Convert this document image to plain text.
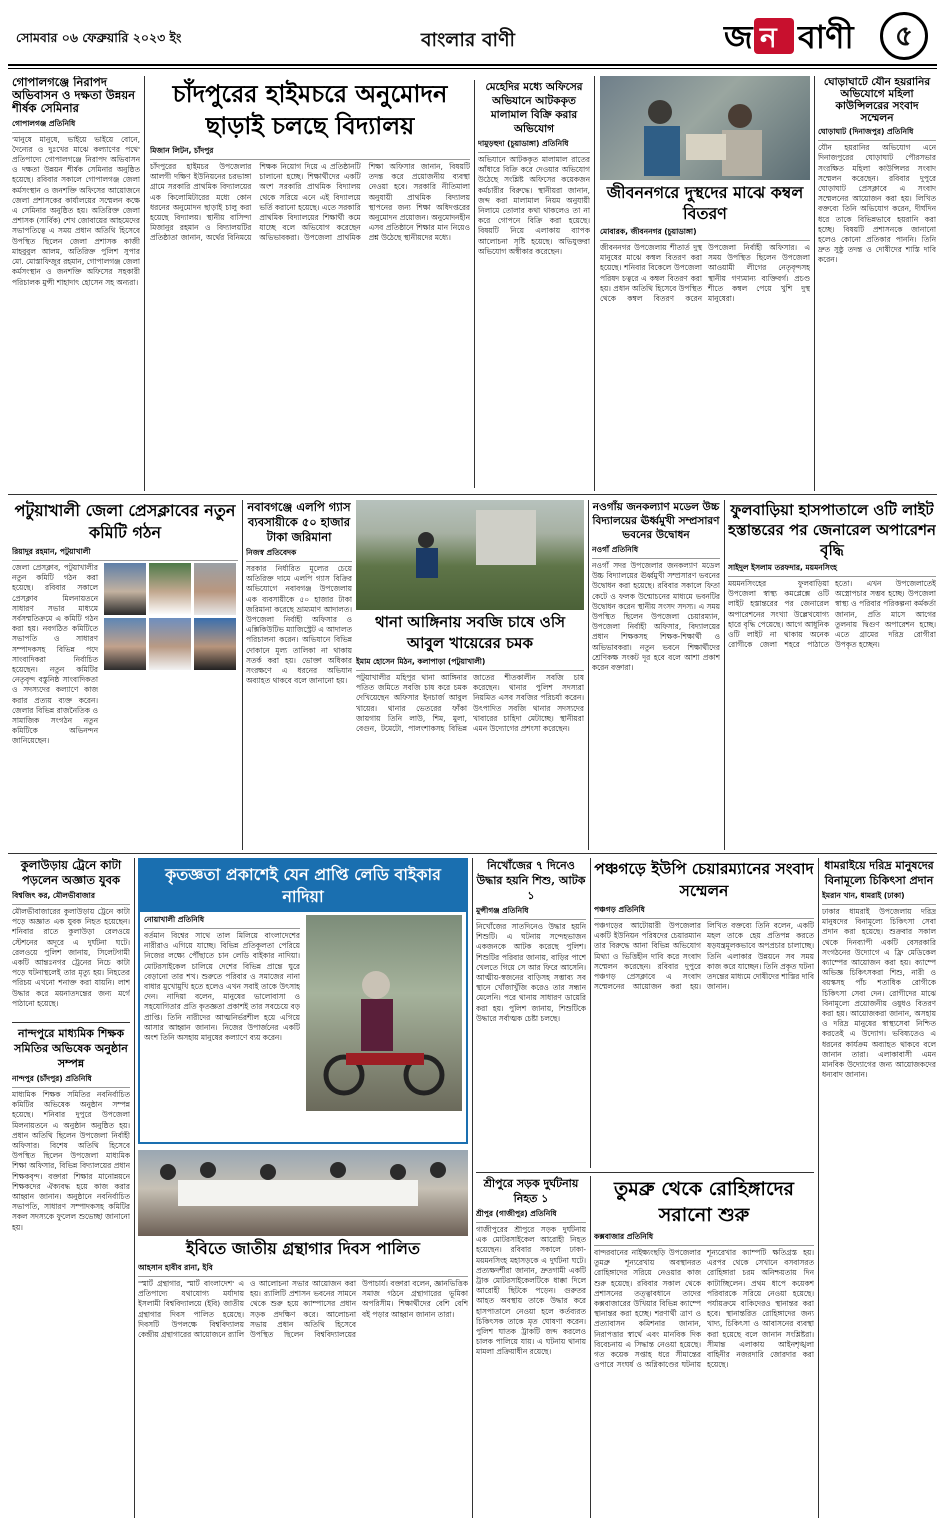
সোমবার ০৬ ফেব্রুয়ারি ২০২৩ ইং	বাংলার বাণী	জ ন বাণী	৫
গোপালগঞ্জে নিরাপদ অভিবাসন ও দক্ষতা উন্নয়ন শীর্ষক সেমিনার
গোপালগঞ্জ প্রতিনিধি
'মানুষে মানুষে, ভাইয়ে ভাইয়ে বোনে, দৈন্যের ও দুঃখের মাঝে কল্যাণের পথে' প্রতিপাদ্যে গোপালগঞ্জে নিরাপদ অভিবাসন ও দক্ষতা উন্নয়ন শীর্ষক সেমিনার অনুষ্ঠিত হয়েছে। রবিবার সকালে গোপালগঞ্জ জেলা কর্মসংস্থান ও জনশক্তি অফিসের আয়োজনে জেলা প্রশাসকের কার্যালয়ের সম্মেলন কক্ষে এ সেমিনার অনুষ্ঠিত হয়। অতিরিক্ত জেলা প্রশাসক (সার্বিক) শেখ জোবায়ের আহমেদের সভাপতিত্বে এ সময় প্রধান অতিথি হিসেবে উপস্থিত ছিলেন জেলা প্রশাসক কাজী মাহবুবুল আলম, অতিরিক্ত পুলিশ সুপার মো. মোস্তাফিজুর রহমান, গোপালগঞ্জ জেলা কর্মসংস্থান ও জনশক্তি অফিসের সহকারী পরিচালক মুন্সী শাহাদাৎ হোসেন সহ অন্যরা।
চাঁদপুরের হাইমচরে অনুমোদন ছাড়াই চলছে বিদ্যালয়
মিজান লিটন, চাঁদপুর
চাঁদপুরের হাইমচর উপজেলার আলগী দক্ষিণ ইউনিয়নের চরভাঙ্গা গ্রামে সরকারি প্রাথমিক বিদ্যালয়ের এক কিলোমিটারের মধ্যে কোন ধরনের অনুমোদন ছাড়াই চালু করা হয়েছে বিদ্যালয়। স্থানীয় বাসিন্দা মিজানুর রহমান ও বিদ্যালয়টির প্রতিষ্ঠাতা জানান, অর্থের বিনিময়ে শিক্ষক নিয়োগ দিয়ে এ প্রতিষ্ঠানটি চালানো হচ্ছে। শিক্ষার্থীদের একটি অংশ সরকারি প্রাথমিক বিদ্যালয় থেকে সরিয়ে এনে এই বিদ্যালয়ে ভর্তি করানো হয়েছে। এতে সরকারি প্রাথমিক বিদ্যালয়ের শিক্ষার্থী কমে যাচ্ছে বলে অভিযোগ করেছেন অভিভাবকরা। উপজেলা প্রাথমিক শিক্ষা অফিসার জানান, বিষয়টি তদন্ত করে প্রয়োজনীয় ব্যবস্থা নেওয়া হবে। সরকারি নীতিমালা অনুযায়ী প্রাথমিক বিদ্যালয় স্থাপনের জন্য শিক্ষা অধিদপ্তরের অনুমোদন প্রয়োজন। অনুমোদনহীন এসব প্রতিষ্ঠানে শিক্ষার মান নিয়েও প্রশ্ন উঠেছে স্থানীয়দের মধ্যে।
জীবননগরে দুস্থদের মাঝে কম্বল বিতরণ
মোবারক, জীবননগর (চুয়াডাঙ্গা)
জীবননগর উপজেলায় শীতার্ত দুস্থ মানুষের মাঝে কম্বল বিতরণ করা হয়েছে। শনিবার বিকেলে উপজেলা পরিষদ চত্বরে এ কম্বল বিতরণ করা হয়। প্রধান অতিথি হিসেবে উপস্থিত থেকে কম্বল বিতরণ করেন উপজেলা নির্বাহী অফিসার। এ সময় উপস্থিত ছিলেন উপজেলা আওয়ামী লীগের নেতৃবৃন্দসহ স্থানীয় গণ্যমান্য ব্যক্তিবর্গ। প্রচণ্ড শীতে কম্বল পেয়ে খুশি দুস্থ মানুষেরা।
ঘোড়াঘাটে যৌন হয়রানির অভিযোগে মহিলা কাউন্সিলরের সংবাদ সম্মেলন
ঘোড়াঘাট (দিনাজপুর) প্রতিনিধি
যৌন হয়রানির অভিযোগ এনে দিনাজপুরের ঘোড়াঘাট পৌরসভার সংরক্ষিত মহিলা কাউন্সিলর সংবাদ সম্মেলন করেছেন। রবিবার দুপুরে ঘোড়াঘাট প্রেসক্লাবে এ সংবাদ সম্মেলনের আয়োজন করা হয়। লিখিত বক্তব্যে তিনি অভিযোগ করেন, দীর্ঘদিন ধরে তাকে বিভিন্নভাবে হয়রানি করা হচ্ছে। বিষয়টি প্রশাসনকে জানানো হলেও কোনো প্রতিকার পাননি। তিনি দ্রুত সুষ্ঠু তদন্ত ও দোষীদের শাস্তি দাবি করেন।
পটুয়াখালী জেলা প্রেসক্লাবের নতুন কমিটি গঠন
রিয়াদুর রহমান, পটুয়াখালী
জেলা প্রেসক্লাব, পটুয়াখালীর নতুন কমিটি গঠন করা হয়েছে। রবিবার সকালে প্রেসক্লাব মিলনায়তনে সাধারণ সভার মাধ্যমে সর্বসম্মতিক্রমে এ কমিটি গঠন করা হয়। নবগঠিত কমিটিতে সভাপতি ও সাধারণ সম্পাদকসহ বিভিন্ন পদে সাংবাদিকরা নির্বাচিত হয়েছেন। নতুন কমিটির নেতৃবৃন্দ বস্তুনিষ্ঠ সাংবাদিকতা ও সদস্যদের কল্যাণে কাজ করার প্রত্যয় ব্যক্ত করেন। জেলার বিভিন্ন রাজনৈতিক ও সামাজিক সংগঠন নতুন কমিটিকে অভিনন্দন জানিয়েছেন।
নবাবগঞ্জে এলপি গ্যাস ব্যবসায়ীকে ৫০ হাজার টাকা জরিমানা
নিজস্ব প্রতিবেদক
সরকার নির্ধারিত মূল্যের চেয়ে অতিরিক্ত দামে এলপি গ্যাস বিক্রির অভিযোগে নবাবগঞ্জ উপজেলায় এক ব্যবসায়ীকে ৫০ হাজার টাকা জরিমানা করেছে ভ্রাম্যমাণ আদালত। উপজেলা নির্বাহী অফিসার ও এক্সিকিউটিভ ম্যাজিস্ট্রেট এ আদালত পরিচালনা করেন। অভিযানে বিভিন্ন দোকানে মূল্য তালিকা না থাকায় সতর্ক করা হয়। ভোক্তা অধিকার সংরক্ষণে এ ধরনের অভিযান অব্যাহত থাকবে বলে জানানো হয়।
থানা আঙ্গিনায় সবজি চাষে ওসি আবুল খায়েরের চমক
ইমাম হোসেন মিঠন, কলাপাড়া (পটুয়াখালী)
পটুয়াখালীর মহিপুর থানা আঙ্গিনার পতিত জমিতে সবজি চাষ করে চমক দেখিয়েছেন অফিসার ইনচার্জ আবুল খায়ের। থানার ভেতরের ফাঁকা জায়গায় তিনি লাউ, শিম, মুলা, বেগুন, টমেটো, পালংশাকসহ বিভিন্ন জাতের শীতকালীন সবজি চাষ করেছেন। থানার পুলিশ সদস্যরা নিয়মিত এসব সবজির পরিচর্যা করেন। উৎপাদিত সবজি থানার সদস্যদের খাবারের চাহিদা মেটাচ্ছে। স্থানীয়রা এমন উদ্যোগের প্রশংসা করেছেন।
নওগাঁয় জনকল্যাণ মডেল উচ্চ বিদ্যালয়ের ঊর্ধ্বমুখী সম্প্রসারণ ভবনের উদ্বোধন
নওগাঁ প্রতিনিধি
নওগাঁ সদর উপজেলার জনকল্যাণ মডেল উচ্চ বিদ্যালয়ের ঊর্ধ্বমুখী সম্প্রসারণ ভবনের উদ্বোধন করা হয়েছে। রবিবার সকালে ফিতা কেটে ও ফলক উন্মোচনের মাধ্যমে ভবনটির উদ্বোধন করেন স্থানীয় সংসদ সদস্য। এ সময় উপস্থিত ছিলেন উপজেলা চেয়ারম্যান, উপজেলা নির্বাহী অফিসার, বিদ্যালয়ের প্রধান শিক্ষকসহ শিক্ষক-শিক্ষার্থী ও অভিভাবকরা। নতুন ভবনে শিক্ষার্থীদের শ্রেণিকক্ষ সংকট দূর হবে বলে আশা প্রকাশ করেন বক্তারা।
ফুলবাড়িয়া হাসপাতালে ওটি লাইট হস্তান্তরের পর জেনারেল অপারেশন বৃদ্ধি
সাইদুল ইসলাম তরফদার, ময়মনসিংহ
ময়মনসিংহের ফুলবাড়িয়া উপজেলা স্বাস্থ্য কমপ্লেক্সে ওটি লাইট হস্তান্তরের পর জেনারেল অপারেশনের সংখ্যা উল্লেখযোগ্য হারে বৃদ্ধি পেয়েছে। আগে আধুনিক ওটি লাইট না থাকায় অনেক রোগীকে জেলা শহরে পাঠাতে হতো। এখন উপজেলাতেই অস্ত্রোপচার সম্ভব হচ্ছে। উপজেলা স্বাস্থ্য ও পরিবার পরিকল্পনা কর্মকর্তা জানান, প্রতি মাসে আগের তুলনায় দ্বিগুণ অপারেশন হচ্ছে। এতে গ্রামের দরিদ্র রোগীরা উপকৃত হচ্ছেন।
কুলাউড়ায় ট্রেনে কাটা পড়লেন অজ্ঞাত যুবক
বিশ্বজিৎ কর, মৌলভীবাজার
মৌলভীবাজারের কুলাউড়ায় ট্রেনে কাটা পড়ে অজ্ঞাত এক যুবক নিহত হয়েছেন। শনিবার রাতে কুলাউড়া রেলওয়ে স্টেশনের অদূরে এ দুর্ঘটনা ঘটে। রেলওয়ে পুলিশ জানায়, সিলেটগামী একটি আন্তঃনগর ট্রেনের নিচে কাটা পড়ে ঘটনাস্থলেই তার মৃত্যু হয়। নিহতের পরিচয় এখনো শনাক্ত করা যায়নি। লাশ উদ্ধার করে ময়নাতদন্তের জন্য মর্গে পাঠানো হয়েছে।
নান্দপুরে মাধ্যমিক শিক্ষক সমিতির অভিষেক অনুষ্ঠান সম্পন্ন
নান্দপুর (চাঁদপুর) প্রতিনিধি
মাধ্যমিক শিক্ষক সমিতির নবনির্বাচিত কমিটির অভিষেক অনুষ্ঠান সম্পন্ন হয়েছে। শনিবার দুপুরে উপজেলা মিলনায়তনে এ অনুষ্ঠান অনুষ্ঠিত হয়। প্রধান অতিথি ছিলেন উপজেলা নির্বাহী অফিসার। বিশেষ অতিথি হিসেবে উপস্থিত ছিলেন উপজেলা মাধ্যমিক শিক্ষা অফিসার, বিভিন্ন বিদ্যালয়ের প্রধান শিক্ষকবৃন্দ। বক্তারা শিক্ষার মানোন্নয়নে শিক্ষকদের ঐক্যবদ্ধ হয়ে কাজ করার আহ্বান জানান। অনুষ্ঠানে নবনির্বাচিত সভাপতি, সাধারণ সম্পাদকসহ কমিটির সকল সদস্যকে ফুলেল শুভেচ্ছা জানানো হয়।
কৃতজ্ঞতা প্রকাশেই যেন প্রাপ্তি লেডি বাইকার নাদিয়া
নোয়াখালী প্রতিনিধি
বর্তমান বিশ্বের সাথে তাল মিলিয়ে বাংলাদেশের নারীরাও এগিয়ে যাচ্ছে। বিভিন্ন প্রতিকূলতা পেরিয়ে নিজের লক্ষ্যে পৌঁছাতে চান লেডি বাইকার নাদিয়া। মোটরসাইকেল চালিয়ে দেশের বিভিন্ন প্রান্তে ঘুরে বেড়ানো তার শখ। শুরুতে পরিবার ও সমাজের নানা বাধার মুখোমুখি হতে হলেও এখন সবাই তাকে উৎসাহ দেন। নাদিয়া বলেন, মানুষের ভালোবাসা ও সহযোগিতার প্রতি কৃতজ্ঞতা প্রকাশই তার সবচেয়ে বড় প্রাপ্তি। তিনি নারীদের আত্মনির্ভরশীল হয়ে এগিয়ে আসার আহ্বান জানান। নিজের উপার্জনের একটি অংশ তিনি অসহায় মানুষের কল্যাণে ব্যয় করেন।
ইবিতে জাতীয় গ্রন্থাগার দিবস পালিত
আহসান হাবীব রানা, ইবি
'স্মার্ট গ্রন্থাগার, স্মার্ট বাংলাদেশ' এ প্রতিপাদ্যে যথাযোগ্য মর্যাদায় ইসলামী বিশ্ববিদ্যালয়ে (ইবি) জাতীয় গ্রন্থাগার দিবস পালিত হয়েছে। দিবসটি উপলক্ষে বিশ্ববিদ্যালয় কেন্দ্রীয় গ্রন্থাগারের আয়োজনে র‍্যালি ও আলোচনা সভার আয়োজন করা হয়। র‍্যালিটি প্রশাসন ভবনের সামনে থেকে শুরু হয়ে ক্যাম্পাসের প্রধান সড়ক প্রদক্ষিণ করে। আলোচনা সভায় প্রধান অতিথি হিসেবে উপস্থিত ছিলেন বিশ্ববিদ্যালয়ের উপাচার্য। বক্তারা বলেন, জ্ঞানভিত্তিক সমাজ গঠনে গ্রন্থাগারের ভূমিকা অপরিসীম। শিক্ষার্থীদের বেশি বেশি বই পড়ার আহ্বান জানান তারা।
নিখোঁজের ৭ দিনেও উদ্ধার হয়নি শিশু, আটক ১
মুন্সীগঞ্জ প্রতিনিধি
নিখোঁজের সাতদিনেও উদ্ধার হয়নি শিশুটি। এ ঘটনায় সন্দেহভাজন একজনকে আটক করেছে পুলিশ। শিশুটির পরিবার জানায়, বাড়ির পাশে খেলতে গিয়ে সে আর ফিরে আসেনি। আত্মীয়-স্বজনের বাড়িসহ সম্ভাব্য সব স্থানে খোঁজাখুঁজি করেও তার সন্ধান মেলেনি। পরে থানায় সাধারণ ডায়েরি করা হয়। পুলিশ জানায়, শিশুটিকে উদ্ধারে সর্বাত্মক চেষ্টা চলছে।
পঞ্চগড়ে ইউপি চেয়ারম্যানের সংবাদ সম্মেলন
পঞ্চগড় প্রতিনিধি
পঞ্চগড়ের আটোয়ারী উপজেলার একটি ইউনিয়ন পরিষদের চেয়ারম্যান তার বিরুদ্ধে আনা বিভিন্ন অভিযোগ মিথ্যা ও ভিত্তিহীন দাবি করে সংবাদ সম্মেলন করেছেন। রবিবার দুপুরে পঞ্চগড় প্রেসক্লাবে এ সংবাদ সম্মেলনের আয়োজন করা হয়। লিখিত বক্তব্যে তিনি বলেন, একটি মহল তাকে হেয় প্রতিপন্ন করতে ষড়যন্ত্রমূলকভাবে অপপ্রচার চালাচ্ছে। তিনি এলাকার উন্নয়নে সব সময় কাজ করে যাচ্ছেন। তিনি প্রকৃত ঘটনা তদন্তের মাধ্যমে দোষীদের শাস্তির দাবি জানান।
ধামরাইয়ে দরিদ্র মানুষদের বিনামূল্যে চিকিৎসা প্রদান
ইমরান খান, ধামরাই (ঢাকা)
ঢাকার ধামরাই উপজেলায় দরিদ্র মানুষদের বিনামূল্যে চিকিৎসা সেবা প্রদান করা হয়েছে। শুক্রবার সকাল থেকে দিনব্যাপী একটি বেসরকারি সংগঠনের উদ্যোগে এ ফ্রি মেডিকেল ক্যাম্পের আয়োজন করা হয়। ক্যাম্পে অভিজ্ঞ চিকিৎসকরা শিশু, নারী ও বয়স্কসহ পাঁচ শতাধিক রোগীকে চিকিৎসা সেবা দেন। রোগীদের মাঝে বিনামূল্যে প্রয়োজনীয় ওষুধও বিতরণ করা হয়। আয়োজকরা জানান, অসহায় ও দরিদ্র মানুষের স্বাস্থ্যসেবা নিশ্চিত করতেই এ উদ্যোগ। ভবিষ্যতেও এ ধরনের কার্যক্রম অব্যাহত থাকবে বলে জানান তারা। এলাকাবাসী এমন মানবিক উদ্যোগের জন্য আয়োজকদের ধন্যবাদ জানান।
শ্রীপুরে সড়ক দুর্ঘটনায় নিহত ১
শ্রীপুর (গাজীপুর) প্রতিনিধি
গাজীপুরের শ্রীপুরে সড়ক দুর্ঘটনায় এক মোটরসাইকেল আরোহী নিহত হয়েছেন। রবিবার সকালে ঢাকা-ময়মনসিংহ মহাসড়কে এ দুর্ঘটনা ঘটে। প্রত্যক্ষদর্শীরা জানান, দ্রুতগামী একটি ট্রাক মোটরসাইকেলটিকে ধাক্কা দিলে আরোহী ছিটকে পড়েন। গুরুতর আহত অবস্থায় তাকে উদ্ধার করে হাসপাতালে নেওয়া হলে কর্তব্যরত চিকিৎসক তাকে মৃত ঘোষণা করেন। পুলিশ ঘাতক ট্রাকটি জব্দ করলেও চালক পালিয়ে যায়। এ ঘটনায় থানায় মামলা প্রক্রিয়াধীন রয়েছে।
তুমব্রু থেকে রোহিঙ্গাদের সরানো শুরু
কক্সবাজার প্রতিনিধি
বান্দরবানের নাইক্ষ্যংছড়ি উপজেলার তুমব্রু শূন্যরেখায় অবস্থানরত রোহিঙ্গাদের সরিয়ে নেওয়ার কাজ শুরু হয়েছে। রবিবার সকাল থেকে প্রশাসনের তত্ত্বাবধানে তাদের কক্সবাজারের উখিয়ার বিভিন্ন ক্যাম্পে স্থানান্তর করা হচ্ছে। শরণার্থী ত্রাণ ও প্রত্যাবাসন কমিশনার জানান, নিরাপত্তার স্বার্থে এবং মানবিক দিক বিবেচনায় এ সিদ্ধান্ত নেওয়া হয়েছে। গত কয়েক সপ্তাহ ধরে সীমান্তের ওপারে সংঘর্ষ ও অগ্নিকাণ্ডের ঘটনায় শূন্যরেখার ক্যাম্পটি ক্ষতিগ্রস্ত হয়। এরপর থেকে সেখানে বসবাসরত রোহিঙ্গারা চরম অনিশ্চয়তায় দিন কাটাচ্ছিলেন। প্রথম ধাপে কয়েকশ পরিবারকে সরিয়ে নেওয়া হয়েছে। পর্যায়ক্রমে বাকিদেরও স্থানান্তর করা হবে। স্থানান্তরিত রোহিঙ্গাদের জন্য খাদ্য, চিকিৎসা ও আবাসনের ব্যবস্থা করা হয়েছে বলে জানান সংশ্লিষ্টরা। সীমান্ত এলাকায় আইনশৃঙ্খলা বাহিনীর নজরদারি জোরদার করা হয়েছে।
মেহেদির মধ্যে অফিসের অভিযানে আটককৃত মালামাল বিক্রি করার অভিযোগ
দামুড়হুদা (চুয়াডাঙ্গা) প্রতিনিধি
অভিযানে আটককৃত মালামাল রাতের আঁধারে বিক্রি করে দেওয়ার অভিযোগ উঠেছে সংশ্লিষ্ট অফিসের কয়েকজন কর্মচারীর বিরুদ্ধে। স্থানীয়রা জানান, জব্দ করা মালামাল নিয়ম অনুযায়ী নিলামে তোলার কথা থাকলেও তা না করে গোপনে বিক্রি করা হয়েছে। বিষয়টি নিয়ে এলাকায় ব্যাপক আলোচনা সৃষ্টি হয়েছে। অভিযুক্তরা অভিযোগ অস্বীকার করেছেন।
